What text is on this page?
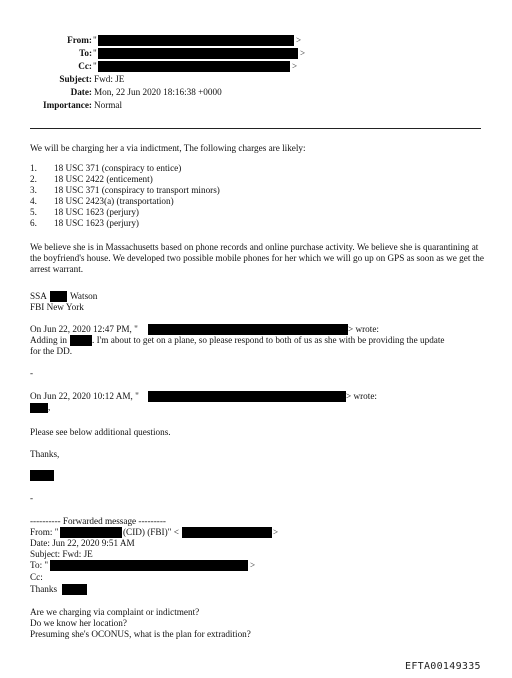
From: "	>
To: "	>
Cc: "	>
Subject: Fwd: JE
Date: Mon, 22 Jun 2020 18:16:38 +0000
Importance: Normal
We will be charging her a via indictment, The following charges are likely:
1. 18 USC 371 (conspiracy to entice)
2. 18 USC 2422 (enticement)
3. 18 USC 371 (conspiracy to transport minors)
4. 18 USC 2423(a) (transportation)
5. 18 USC 1623 (perjury)
6. 18 USC 1623 (perjury)
We believe she is in Massachusetts based on phone records and online purchase activity. We believe she is quarantining at the boyfriend's house. We developed two possible mobile phones for her which we will go up on GPS as soon as we get the arrest warrant.
SSA	Watson
FBI New York
On Jun 22, 2020 12:47 PM, "	> wrote:
Adding in	. I'm about to get on a plane, so please respond to both of us as she with be providing the update
for the DD.
-
On Jun 22, 2020 10:12 AM, "	> wrote:
,
Please see below additional questions.
Thanks,
-
---------- Forwarded message ---------
From: "	(CID) (FBI)" <	>
Date: Jun 22, 2020 9:51 AM
Subject: Fwd: JE
To: "	>
Cc:
Thanks
Are we charging via complaint or indictment?
Do we know her location?
Presuming she's OCONUS, what is the plan for extradition?
EFTA00149335
